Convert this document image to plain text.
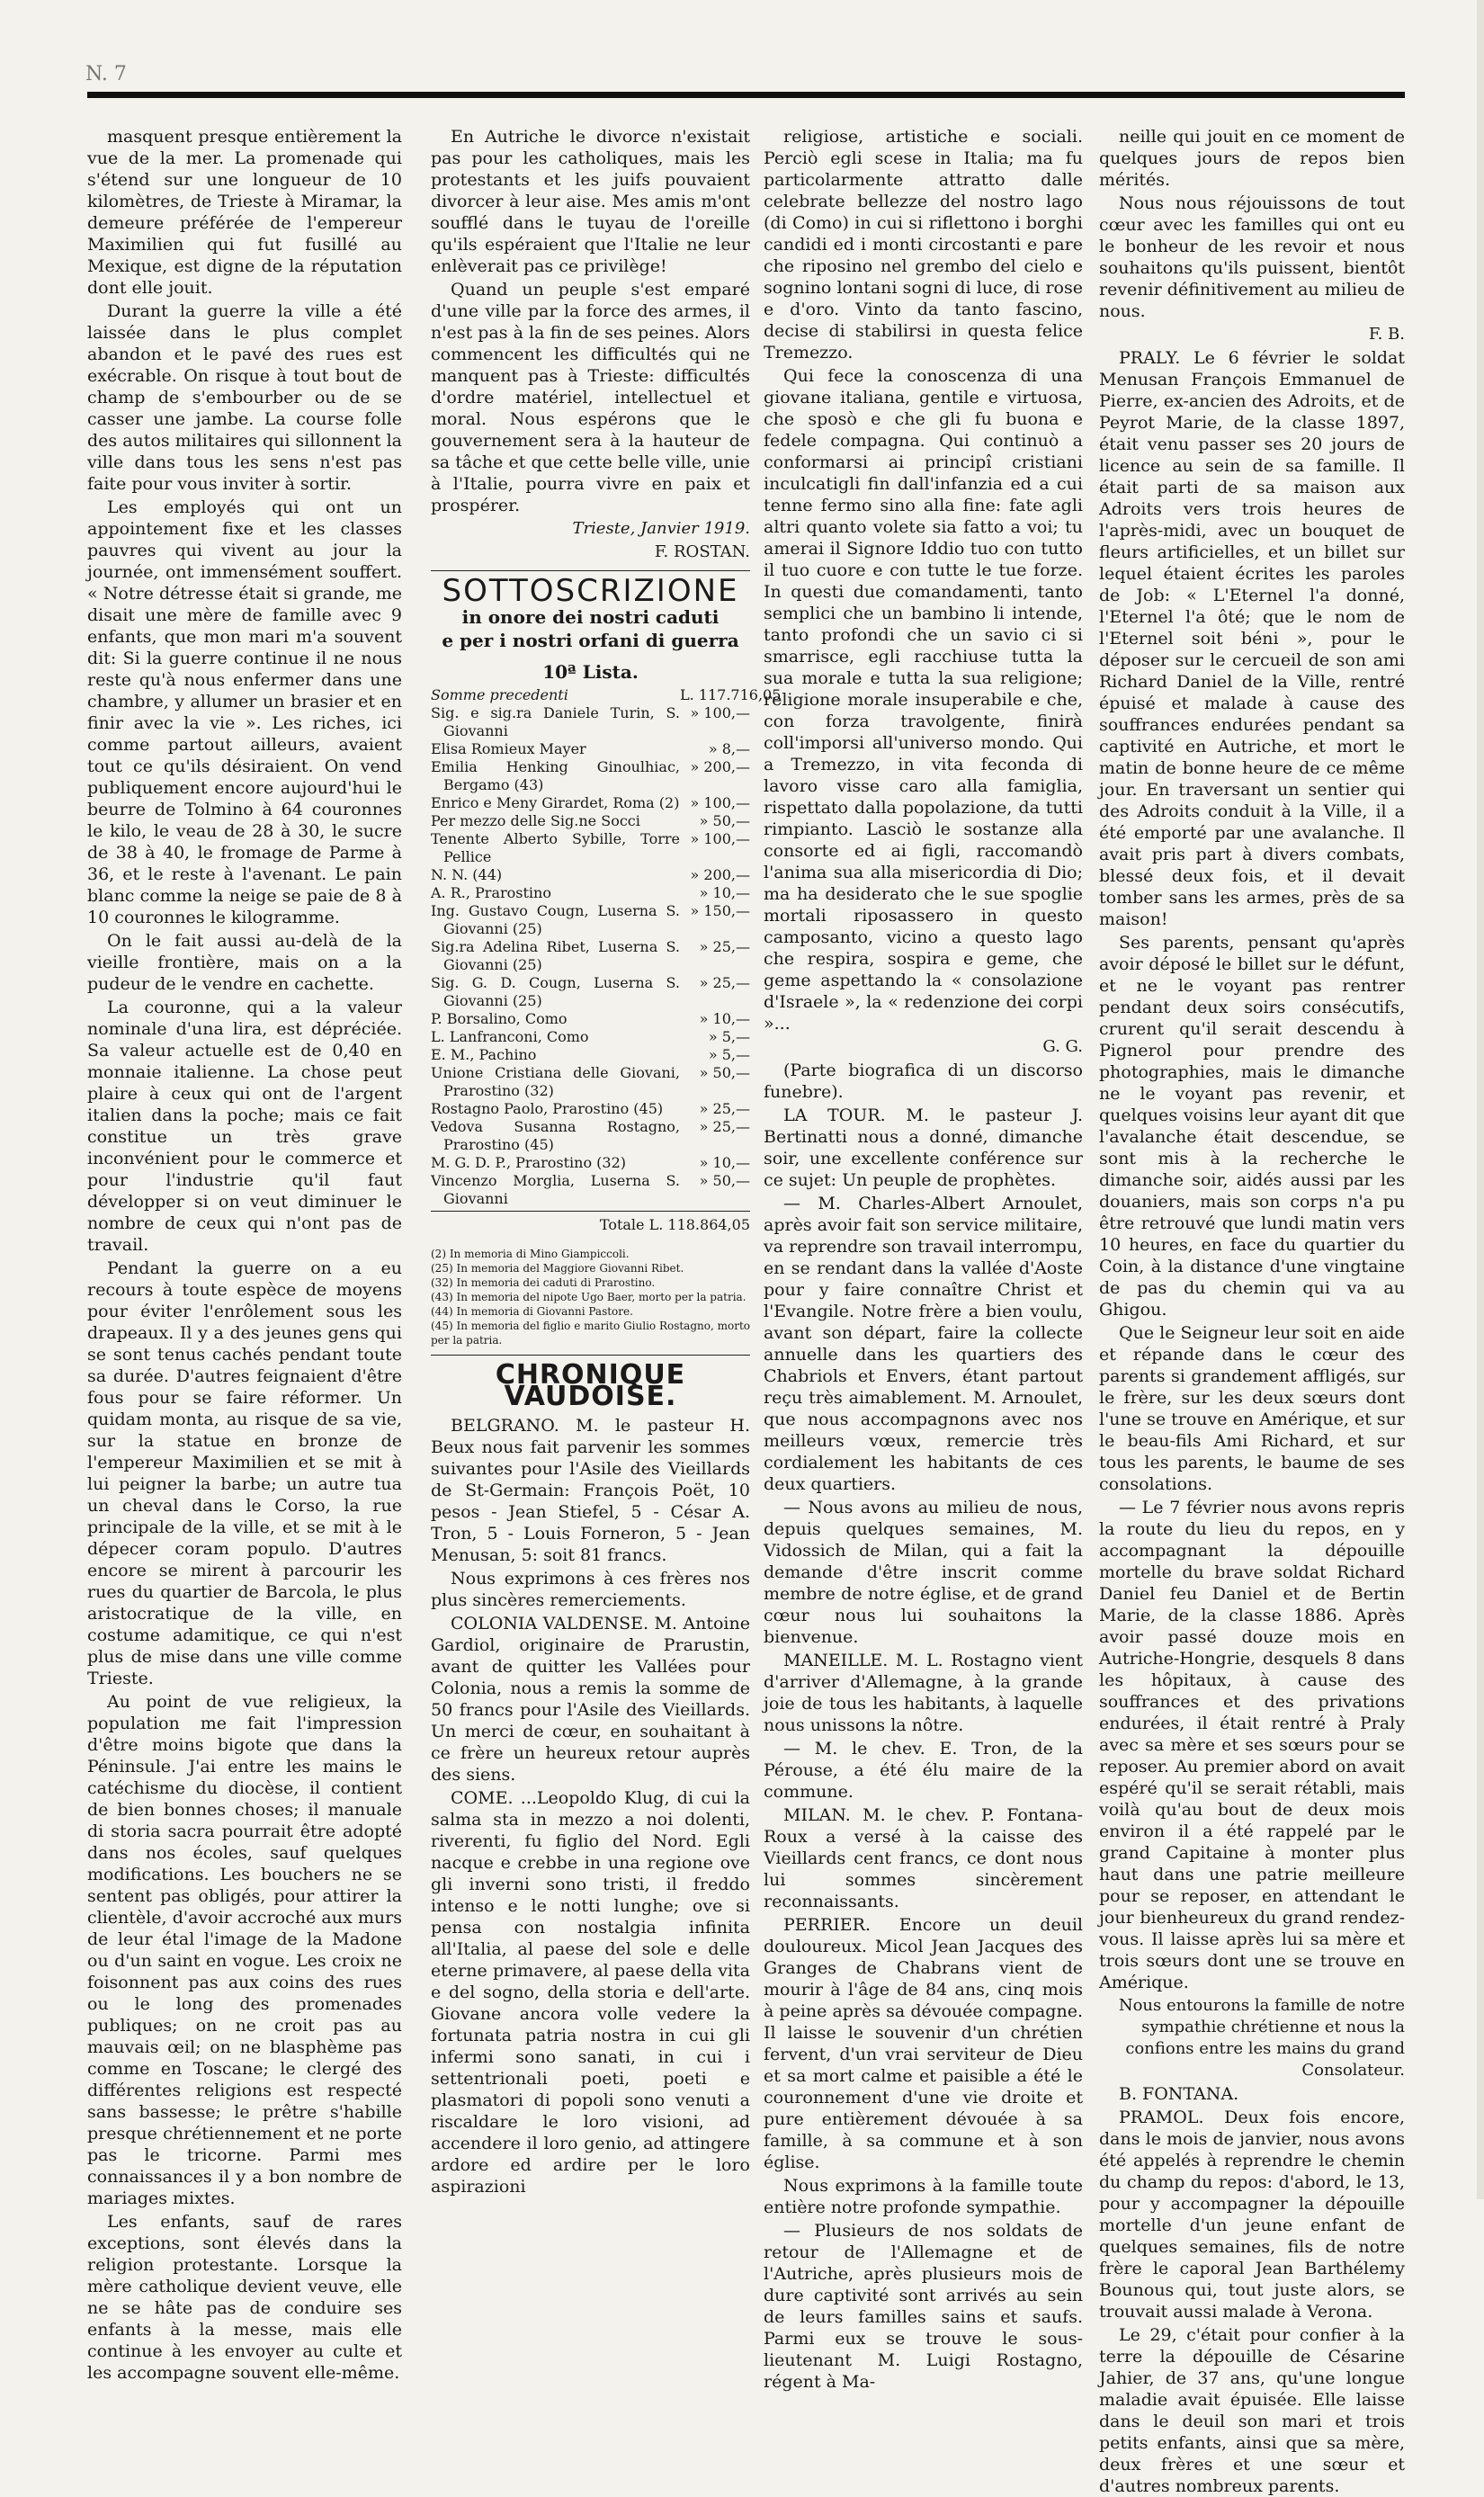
N. 7

masquent presque entièrement la vue de la mer. La promenade qui s'étend sur une longueur de 10 kilomètres, de Trieste à Miramar, la demeure préférée de l'empereur Maximilien qui fut fusillé au Mexique, est digne de la réputation dont elle jouit.

Durant la guerre la ville a été laissée dans le plus complet abandon et le pavé des rues est exécrable. On risque à tout bout de champ de s'embourber ou de se casser une jambe. La course folle des autos militaires qui sillonnent la ville dans tous les sens n'est pas faite pour vous inviter à sortir.

Les employés qui ont un appointement fixe et les classes pauvres qui vivent au jour la journée, ont immensément souffert. « Notre détresse était si grande, me disait une mère de famille avec 9 enfants, que mon mari m'a souvent dit: Si la guerre continue il ne nous reste qu'à nous enfermer dans une chambre, y allumer un brasier et en finir avec la vie ». Les riches, ici comme partout ailleurs, avaient tout ce qu'ils désiraient. On vend publiquement encore aujourd'hui le beurre de Tolmino à 64 couronnes le kilo, le veau de 28 à 30, le sucre de 38 à 40, le fromage de Parme à 36, et le reste à l'avenant. Le pain blanc comme la neige se paie de 8 à 10 couronnes le kilogramme.

On le fait aussi au-delà de la vieille frontière, mais on a la pudeur de le vendre en cachette.

La couronne, qui a la valeur nominale d'una lira, est dépréciée. Sa valeur actuelle est de 0,40 en monnaie italienne. La chose peut plaire à ceux qui ont de l'argent italien dans la poche; mais ce fait constitue un très grave inconvénient pour le commerce et pour l'industrie qu'il faut développer si on veut diminuer le nombre de ceux qui n'ont pas de travail.

Pendant la guerre on a eu recours à toute espèce de moyens pour éviter l'enrôlement sous les drapeaux. Il y a des jeunes gens qui se sont tenus cachés pendant toute sa durée. D'autres feignaient d'être fous pour se faire réformer. Un quidam monta, au risque de sa vie, sur la statue en bronze de l'empereur Maximilien et se mit à lui peigner la barbe; un autre tua un cheval dans le Corso, la rue principale de la ville, et se mit à le dépecer coram populo. D'autres encore se mirent à parcourir les rues du quartier de Barcola, le plus aristocratique de la ville, en costume adamitique, ce qui n'est plus de mise dans une ville comme Trieste.

Au point de vue religieux, la population me fait l'impression d'être moins bigote que dans la Péninsule. J'ai entre les mains le catéchisme du diocèse, il contient de bien bonnes choses; il manuale di storia sacra pourrait être adopté dans nos écoles, sauf quelques modifications. Les bouchers ne se sentent pas obligés, pour attirer la clientèle, d'avoir accroché aux murs de leur étal l'image de la Madone ou d'un saint en vogue. Les croix ne foisonnent pas aux coins des rues ou le long des promenades publiques; on ne croit pas au mauvais œil; on ne blasphème pas comme en Toscane; le clergé des différentes religions est respecté sans bassesse; le prêtre s'habille presque chrétiennement et ne porte pas le tricorne. Parmi mes connaissances il y a bon nombre de mariages mixtes.

Les enfants, sauf de rares exceptions, sont élevés dans la religion protestante. Lorsque la mère catholique devient veuve, elle ne se hâte pas de conduire ses enfants à la messe, mais elle continue à les envoyer au culte et les accompagne souvent elle-même.

En Autriche le divorce n'existait pas pour les catholiques, mais les protestants et les juifs pouvaient divorcer à leur aise. Mes amis m'ont soufflé dans le tuyau de l'oreille qu'ils espéraient que l'Italie ne leur enlèverait pas ce privilège!

Quand un peuple s'est emparé d'une ville par la force des armes, il n'est pas à la fin de ses peines. Alors commencent les difficultés qui ne manquent pas à Trieste: difficultés d'ordre matériel, intellectuel et moral. Nous espérons que le gouvernement sera à la hauteur de sa tâche et que cette belle ville, unie à l'Italie, pourra vivre en paix et prospérer.

Trieste, Janvier 1919.

F. ROSTAN.

SOTTOSCRIZIONE
in onore dei nostri caduti
e per i nostri orfani di guerra
10ª Lista.
Somme precedenti	L. 117.716,05
Sig. e sig.ra Daniele Turin, S. Giovanni
» 100,—
Elisa Romieux Mayer	» 8,—
Emilia Henking Ginoulhiac, Bergamo (43)
» 200,—
Enrico e Meny Girardet, Roma (2) » 100,—
Per mezzo delle Sig.ne Socci	» 50,—
Tenente Alberto Sybille, Torre Pellice
» 100,—
N. N. (44)	» 200,—
A. R., Prarostino	» 10,—
Ing. Gustavo Cougn, Luserna S. Giovanni (25)
» 150,—
Sig.ra Adelina Ribet, Luserna S. Giovanni (25)
» 25,—
Sig. G. D. Cougn, Luserna S. Giovanni (25)
» 25,—
P. Borsalino, Como	» 10,—
L. Lanfranconi, Como	» 5,—
E. M., Pachino	» 5,—
Unione Cristiana delle Giovani, Prarostino (32)
» 50,—
Rostagno Paolo, Prarostino (45)	» 25,—
Vedova Susanna Rostagno, Prarostino (45)
» 25,—
M. G. D. P., Prarostino (32)	» 10,—
Vincenzo Morglia, Luserna S. Giovanni
» 50,—
Totale L. 118.864,05
(2) In memoria di Mino Giampiccoli.
(25) In memoria del Maggiore Giovanni Ribet.
(32) In memoria dei caduti di Prarostino.
(43) In memoria del nipote Ugo Baer, morto per la patria.
(44) In memoria di Giovanni Pastore.
(45) In memoria del figlio e marito Giulio Rostagno, morto per la patria.
CHRONIQUE VAUDOISE.

BELGRANO. M. le pasteur H. Beux nous fait parvenir les sommes suivantes pour l'Asile des Vieillards de St-Germain: François Poët, 10 pesos - Jean Stiefel, 5 - César A. Tron, 5 - Louis Forneron, 5 - Jean Menusan, 5: soit 81 francs.

Nous exprimons à ces frères nos plus sincères remerciements.

COLONIA VALDENSE. M. Antoine Gardiol, originaire de Prarustin, avant de quitter les Vallées pour Colonia, nous a remis la somme de 50 francs pour l'Asile des Vieillards. Un merci de cœur, en souhaitant à ce frère un heureux retour auprès des siens.

COME. ...Leopoldo Klug, di cui la salma sta in mezzo a noi dolenti, riverenti, fu figlio del Nord. Egli nacque e crebbe in una regione ove gli inverni sono tristi, il freddo intenso e le notti lunghe; ove si pensa con nostalgia infinita all'Italia, al paese del sole e delle eterne primavere, al paese della vita e del sogno, della storia e dell'arte. Giovane ancora volle vedere la fortunata patria nostra in cui gli infermi sono sanati, in cui i settentrionali poeti, poeti e plasmatori di popoli sono venuti a riscaldare le loro visioni, ad accendere il loro genio, ad attingere ardore ed ardire per le loro aspirazioni

religiose, artistiche e sociali. Perciò egli scese in Italia; ma fu particolarmente attratto dalle celebrate bellezze del nostro lago (di Como) in cui si riflettono i borghi candidi ed i monti circostanti e pare che riposino nel grembo del cielo e sognino lontani sogni di luce, di rose e d'oro. Vinto da tanto fascino, decise di stabilirsi in questa felice Tremezzo.

Qui fece la conoscenza di una giovane italiana, gentile e virtuosa, che sposò e che gli fu buona e fedele compagna. Qui continuò a conformarsi ai principî cristiani inculcatigli fin dall'infanzia ed a cui tenne fermo sino alla fine: fate agli altri quanto volete sia fatto a voi; tu amerai il Signore Iddio tuo con tutto il tuo cuore e con tutte le tue forze. In questi due comandamenti, tanto semplici che un bambino li intende, tanto profondi che un savio ci si smarrisce, egli racchiuse tutta la sua morale e tutta la sua religione; religione morale insuperabile e che, con forza travolgente, finirà coll'imporsi all'universo mondo. Qui a Tremezzo, in vita feconda di lavoro visse caro alla famiglia, rispettato dalla popolazione, da tutti rimpianto. Lasciò le sostanze alla consorte ed ai figli, raccomandò l'anima sua alla misericordia di Dio; ma ha desiderato che le sue spoglie mortali riposassero in questo camposanto, vicino a questo lago che respira, sospira e geme, che geme aspettando la « consolazione d'Israele », la « redenzione dei corpi »...

G. G.

(Parte biografica di un discorso funebre).

LA TOUR. M. le pasteur J. Bertinatti nous a donné, dimanche soir, une excellente conférence sur ce sujet: Un peuple de prophètes.

— M. Charles-Albert Arnoulet, après avoir fait son service militaire, va reprendre son travail interrompu, en se rendant dans la vallée d'Aoste pour y faire connaître Christ et l'Evangile. Notre frère a bien voulu, avant son départ, faire la collecte annuelle dans les quartiers des Chabriols et Envers, étant partout reçu très aimablement. M. Arnoulet, que nous accompagnons avec nos meilleurs vœux, remercie très cordialement les habitants de ces deux quartiers.

— Nous avons au milieu de nous, depuis quelques semaines, M. Vidossich de Milan, qui a fait la demande d'être inscrit comme membre de notre église, et de grand cœur nous lui souhaitons la bienvenue.

MANEILLE. M. L. Rostagno vient d'arriver d'Allemagne, à la grande joie de tous les habitants, à laquelle nous unissons la nôtre.

— M. le chev. E. Tron, de la Pérouse, a été élu maire de la commune.

MILAN. M. le chev. P. Fontana-Roux a versé à la caisse des Vieillards cent francs, ce dont nous lui sommes sincèrement reconnaissants.

PERRIER. Encore un deuil douloureux. Micol Jean Jacques des Granges de Chabrans vient de mourir à l'âge de 84 ans, cinq mois à peine après sa dévouée compagne. Il laisse le souvenir d'un chrétien fervent, d'un vrai serviteur de Dieu et sa mort calme et paisible a été le couronnement d'une vie droite et pure entièrement dévouée à sa famille, à sa commune et à son église.

Nous exprimons à la famille toute entière notre profonde sympathie.

— Plusieurs de nos soldats de retour de l'Allemagne et de l'Autriche, après plusieurs mois de dure captivité sont arrivés au sein de leurs familles sains et saufs. Parmi eux se trouve le sous-lieutenant M. Luigi Rostagno, régent à Ma-

neille qui jouit en ce moment de quelques jours de repos bien mérités.

Nous nous réjouissons de tout cœur avec les familles qui ont eu le bonheur de les revoir et nous souhaitons qu'ils puissent, bientôt revenir définitivement au milieu de nous.

F. B.

PRALY. Le 6 février le soldat Menusan François Emmanuel de Pierre, ex-ancien des Adroits, et de Peyrot Marie, de la classe 1897, était venu passer ses 20 jours de licence au sein de sa famille. Il était parti de sa maison aux Adroits vers trois heures de l'après-midi, avec un bouquet de fleurs artificielles, et un billet sur lequel étaient écrites les paroles de Job: « L'Eternel l'a donné, l'Eternel l'a ôté; que le nom de l'Eternel soit béni », pour le déposer sur le cercueil de son ami Richard Daniel de la Ville, rentré épuisé et malade à cause des souffrances endurées pendant sa captivité en Autriche, et mort le matin de bonne heure de ce même jour. En traversant un sentier qui des Adroits conduit à la Ville, il a été emporté par une avalanche. Il avait pris part à divers combats, blessé deux fois, et il devait tomber sans les armes, près de sa maison!

Ses parents, pensant qu'après avoir déposé le billet sur le défunt, et ne le voyant pas rentrer pendant deux soirs consécutifs, crurent qu'il serait descendu à Pignerol pour prendre des photographies, mais le dimanche ne le voyant pas revenir, et quelques voisins leur ayant dit que l'avalanche était descendue, se sont mis à la recherche le dimanche soir, aidés aussi par les douaniers, mais son corps n'a pu être retrouvé que lundi matin vers 10 heures, en face du quartier du Coin, à la distance d'une vingtaine de pas du chemin qui va au Ghigou.

Que le Seigneur leur soit en aide et répande dans le cœur des parents si grandement affligés, sur le frère, sur les deux sœurs dont l'une se trouve en Amérique, et sur le beau-fils Ami Richard, et sur tous les parents, le baume de ses consolations.

— Le 7 février nous avons repris la route du lieu du repos, en y accompagnant la dépouille mortelle du brave soldat Richard Daniel feu Daniel et de Bertin Marie, de la classe 1886. Après avoir passé douze mois en Autriche-Hongrie, desquels 8 dans les hôpitaux, à cause des souffrances et des privations endurées, il était rentré à Praly avec sa mère et ses sœurs pour se reposer. Au premier abord on avait espéré qu'il se serait rétabli, mais voilà qu'au bout de deux mois environ il a été rappelé par le grand Capitaine à monter plus haut dans une patrie meilleure pour se reposer, en attendant le jour bienheureux du grand rendez-vous. Il laisse après lui sa mère et trois sœurs dont une se trouve en Amérique.

Nous entourons la famille de notre sympathie chrétienne et nous la confions entre les mains du grand Consolateur.

B. FONTANA.

PRAMOL. Deux fois encore, dans le mois de janvier, nous avons été appelés à reprendre le chemin du champ du repos: d'abord, le 13, pour y accompagner la dépouille mortelle d'un jeune enfant de quelques semaines, fils de notre frère le caporal Jean Barthélemy Bounous qui, tout juste alors, se trouvait aussi malade à Verona.

Le 29, c'était pour confier à la terre la dépouille de Césarine Jahier, de 37 ans, qu'une longue maladie avait épuisée. Elle laisse dans le deuil son mari et trois petits enfants, ainsi que sa mère, deux frères et une sœur et d'autres nombreux parents.
